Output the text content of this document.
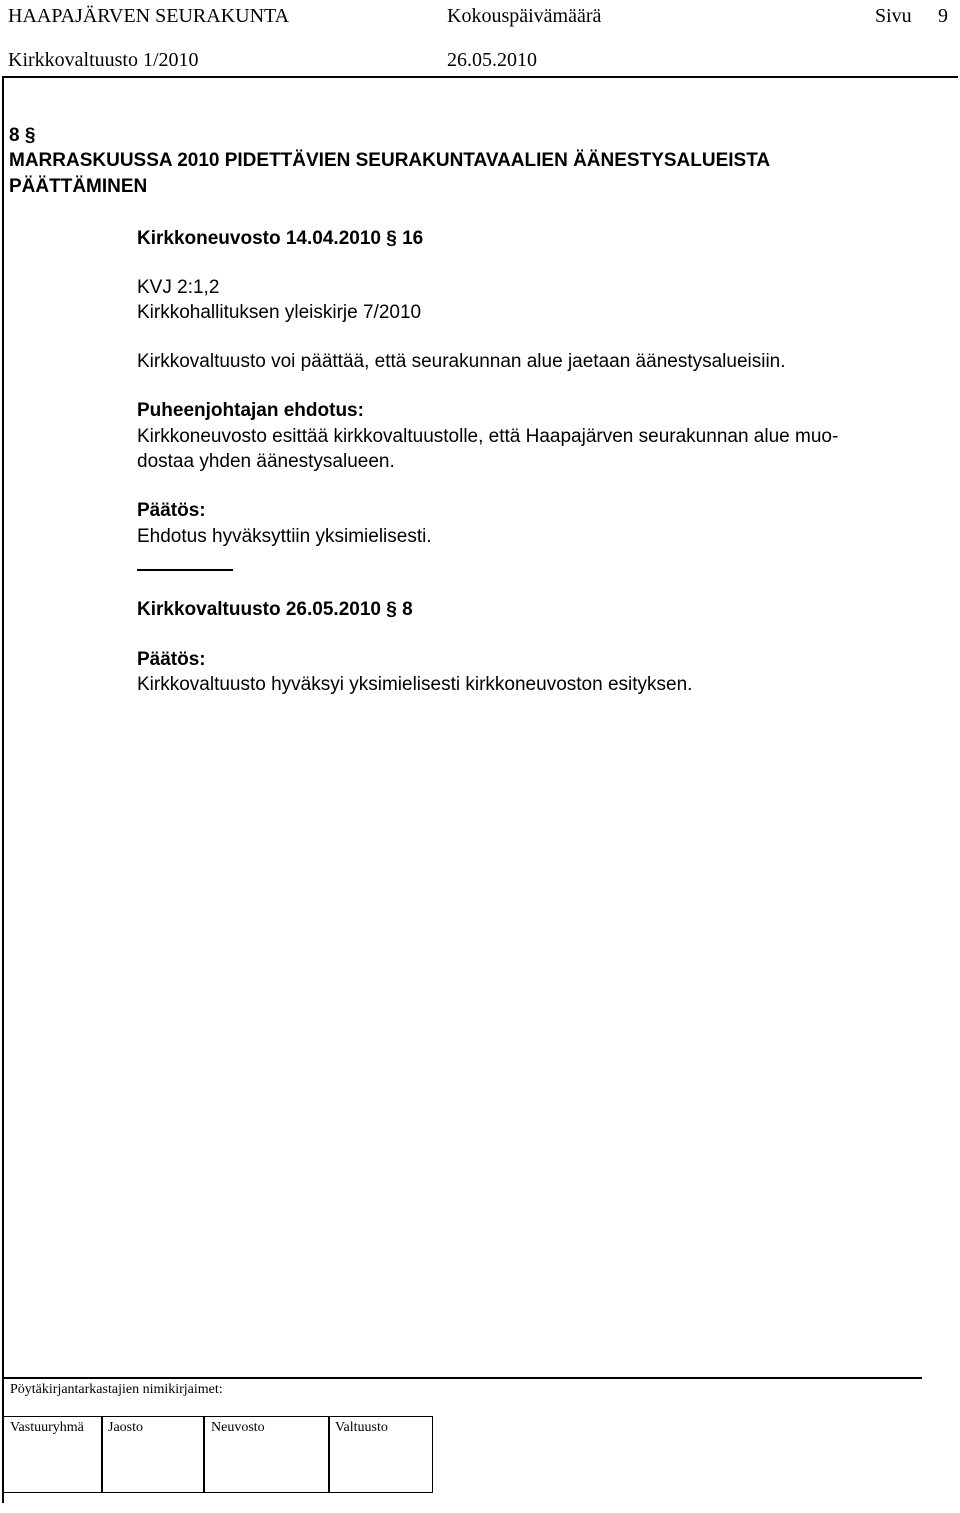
HAAPAJÄRVEN SEURAKUNTA	Kokouspäivämäärä	Sivu 9
Kirkkovaltuusto 1/2010	26.05.2010
8 §
MARRASKUUSSA 2010 PIDETTÄVIEN SEURAKUNTAVAALIEN ÄÄNESTYSALUEISTA
PÄÄTTÄMINEN
Kirkkoneuvosto 14.04.2010 § 16
KVJ 2:1,2
Kirkkohallituksen yleiskirje 7/2010
Kirkkovaltuusto voi päättää, että seurakunnan alue jaetaan äänestysalueisiin.
Puheenjohtajan ehdotus:
Kirkkoneuvosto esittää kirkkovaltuustolle, että Haapajärven seurakunnan alue muo-
dostaa yhden äänestysalueen.
Päätös:
Ehdotus hyväksyttiin yksimielisesti.
Kirkkovaltuusto 26.05.2010 § 8
Päätös:
Kirkkovaltuusto hyväksyi yksimielisesti kirkkoneuvoston esityksen.
Pöytäkirjantarkastajien nimikirjaimet:
Vastuuryhmä Jaosto	Neuvosto	Valtuusto
